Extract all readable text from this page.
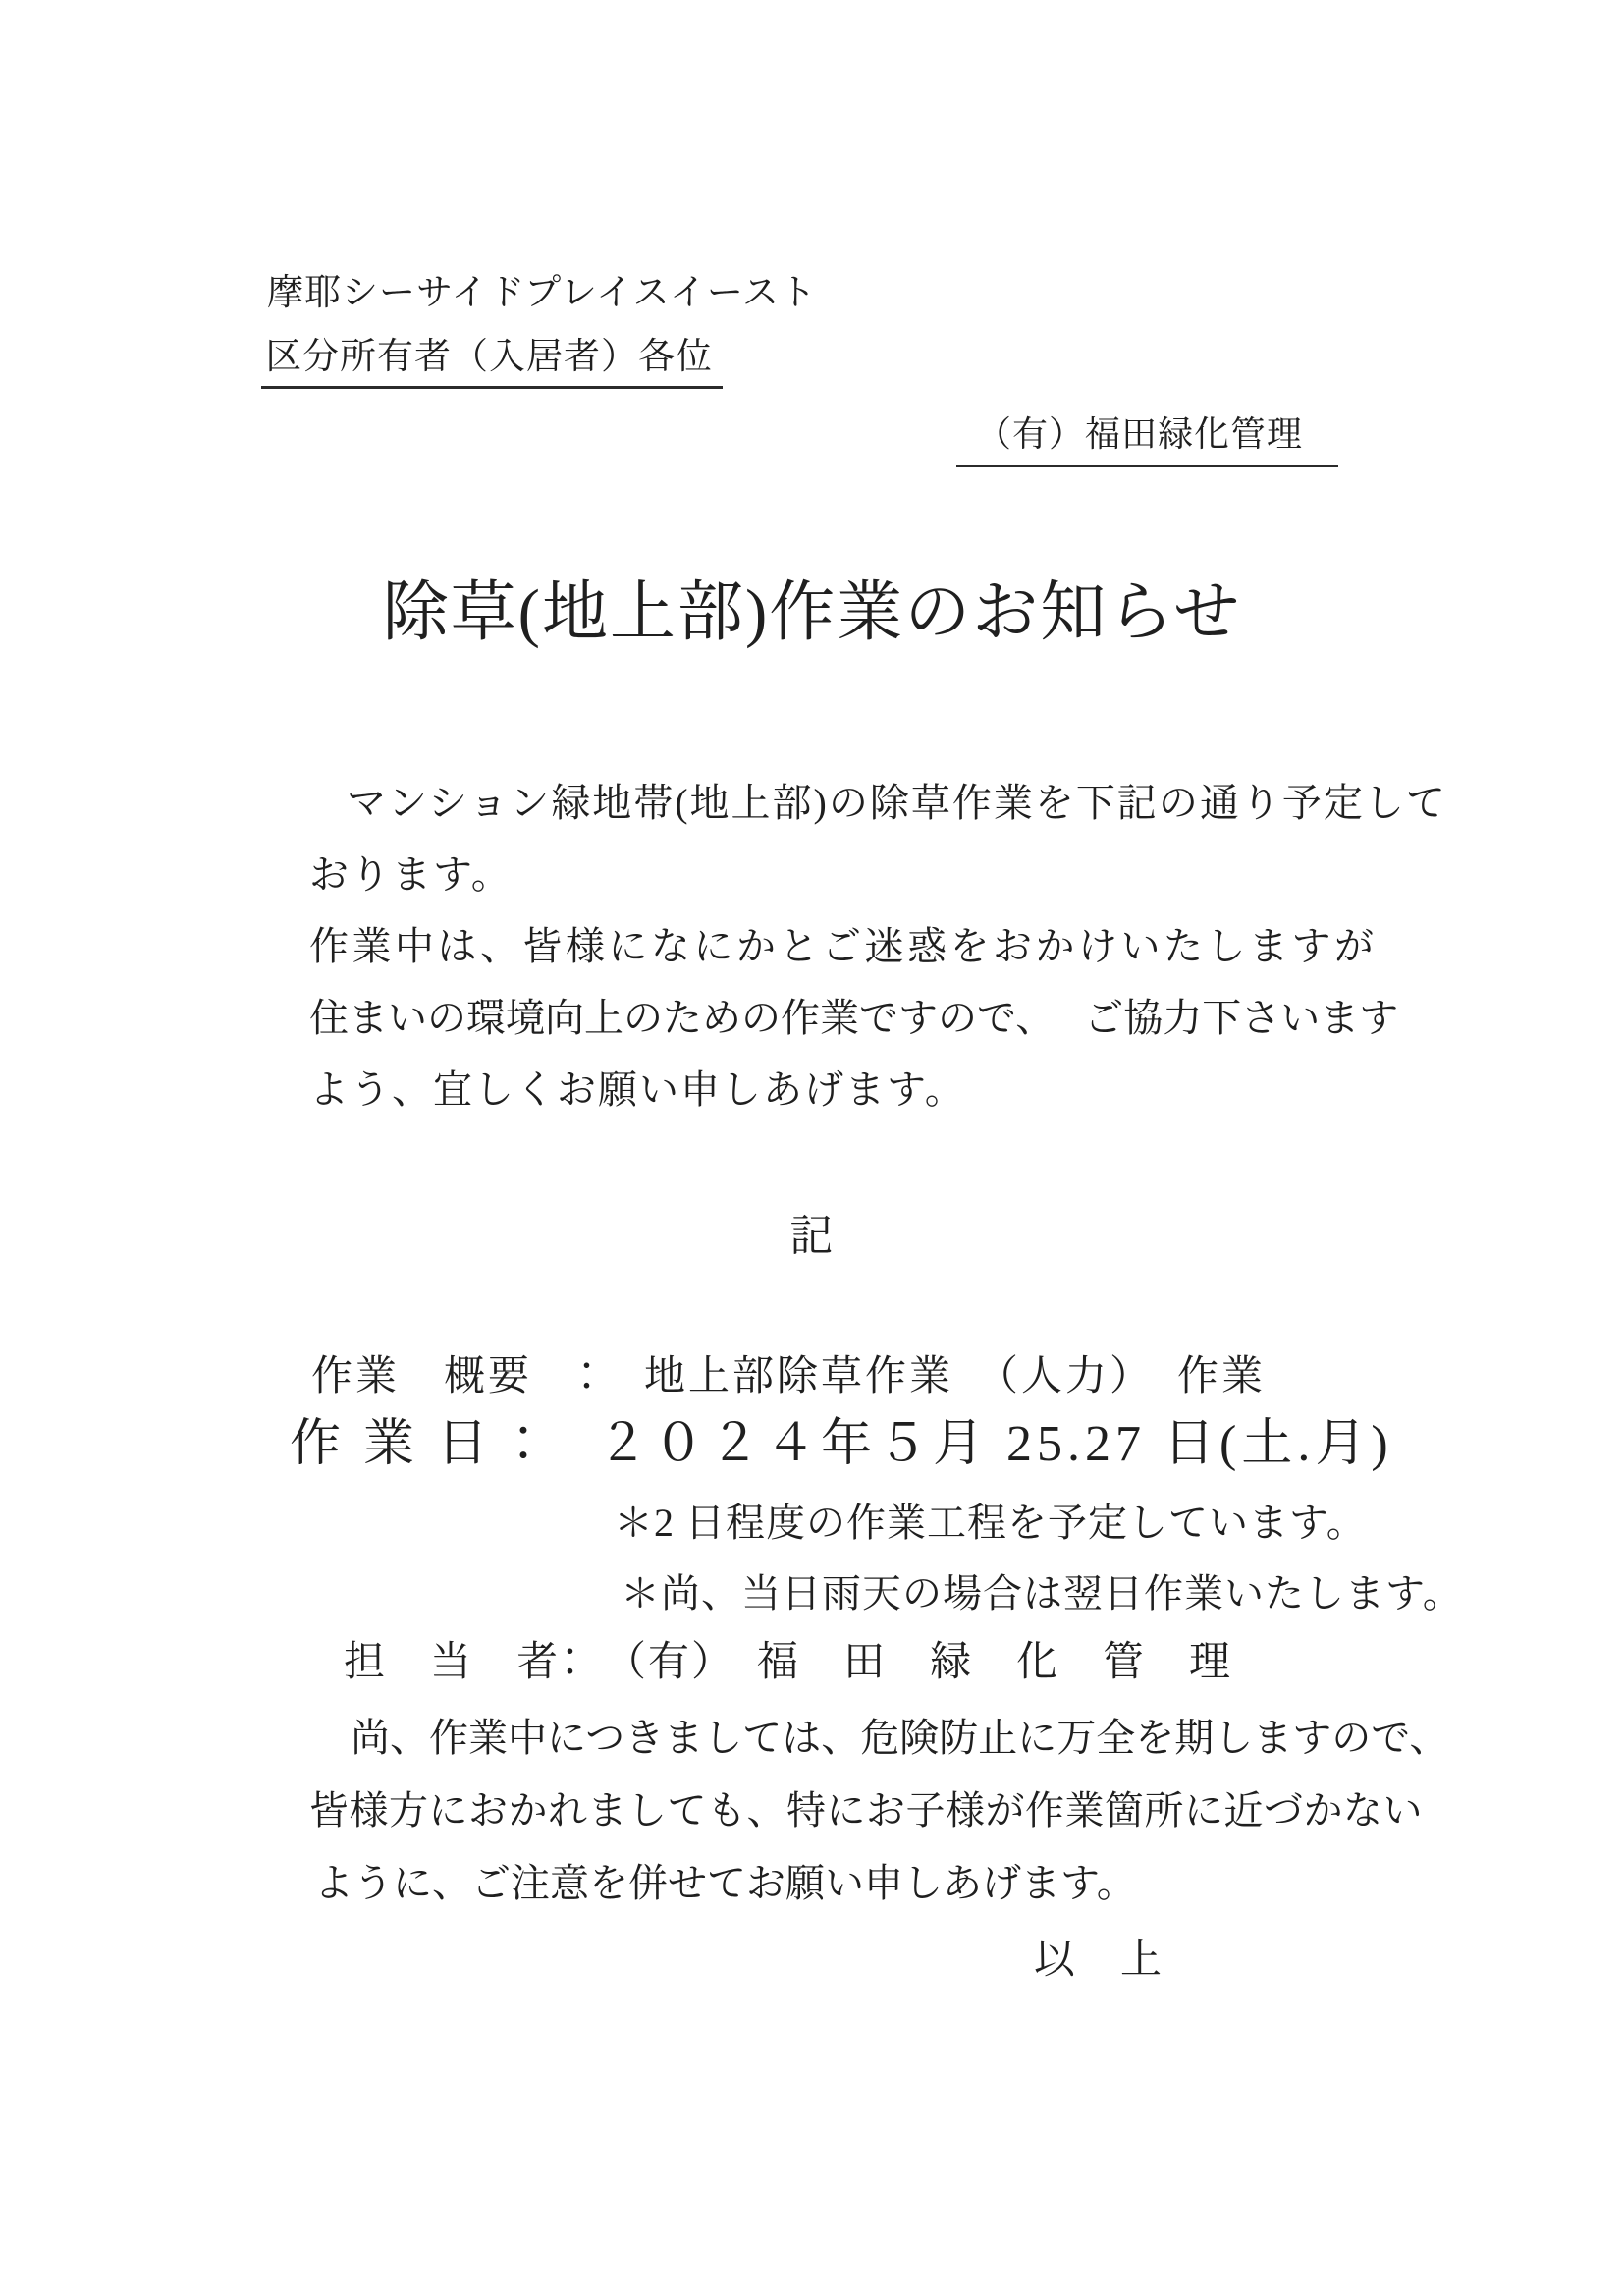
摩耶シーサイドプレイスイースト
区分所有者（入居者）各位
（有）福田緑化管理
除草(地上部)作業のお知らせ
マンション緑地帯(地上部)の除草作業を下記の通り予定して
おります。
作業中は、皆様になにかとご迷惑をおかけいたしますが
住まいの環境向上のための作業ですので、　 ご協力下さいます
よう、宜しくお願い申しあげます。
記
作業　概要　：　地上部除草作業　（人力）　作業
作 業 日 ：　２０２４年５月 25.27 日(土.月)
＊2 日程度の作業工程を予定しています。
＊尚、当日雨天の場合は翌日作業いたします。
担　当　者：　（有）　福　田　緑　化　管　理
尚、作業中につきましては、危険防止に万全を期しますので、
皆様方におかれましても、特にお子様が作業箇所に近づかない
ように、ご注意を併せてお願い申しあげます。
以　上
